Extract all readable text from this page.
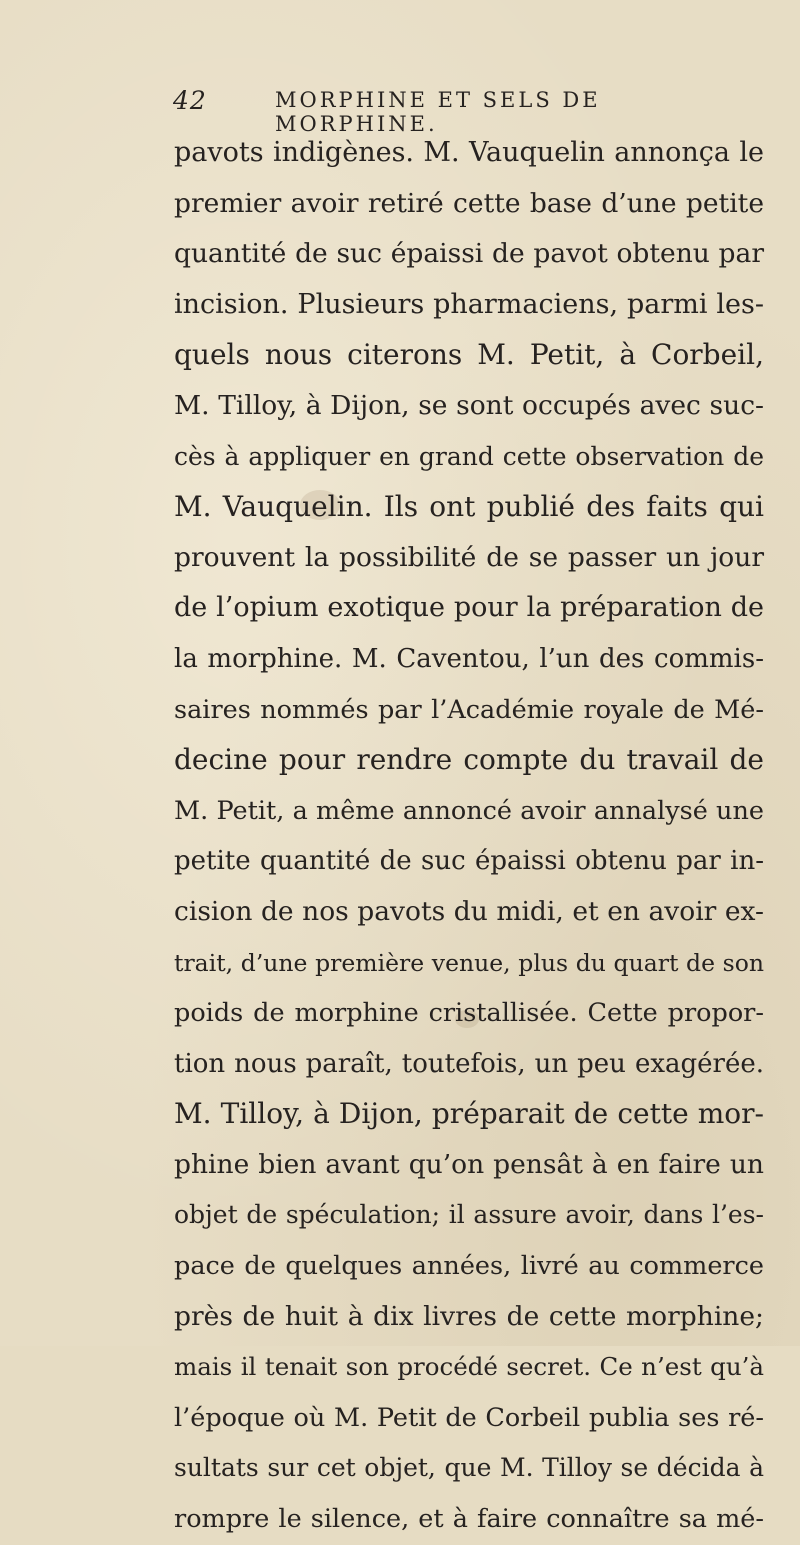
42	MORPHINE ET SELS DE MORPHINE.
pavots indigènes. M. Vauquelin annonça le
premier avoir retiré cette base d’une petite
quantité de suc épaissi de pavot obtenu par
incision. Plusieurs pharmaciens, parmi les-
quels nous citerons M. Petit, à Corbeil,
M. Tilloy, à Dijon, se sont occupés avec suc-
cès à appliquer en grand cette observation de
M. Vauquelin. Ils ont publié des faits qui
prouvent la possibilité de se passer un jour
de l’opium exotique pour la préparation de
la morphine. M. Caventou, l’un des commis-
saires nommés par l’Académie royale de Mé-
decine pour rendre compte du travail de
M. Petit, a même annoncé avoir annalysé une
petite quantité de suc épaissi obtenu par in-
cision de nos pavots du midi, et en avoir ex-
trait, d’une première venue, plus du quart de son
poids de morphine cristallisée. Cette propor-
tion nous paraît, toutefois, un peu exagérée.
M. Tilloy, à Dijon, préparait de cette mor-
phine bien avant qu’on pensât à en faire un
objet de spéculation; il assure avoir, dans l’es-
pace de quelques années, livré au commerce
près de huit à dix livres de cette morphine;
mais il tenait son procédé secret. Ce n’est qu’à
l’époque où M. Petit de Corbeil publia ses ré-
sultats sur cet objet, que M. Tilloy se décida à
rompre le silence, et à faire connaître sa mé-
